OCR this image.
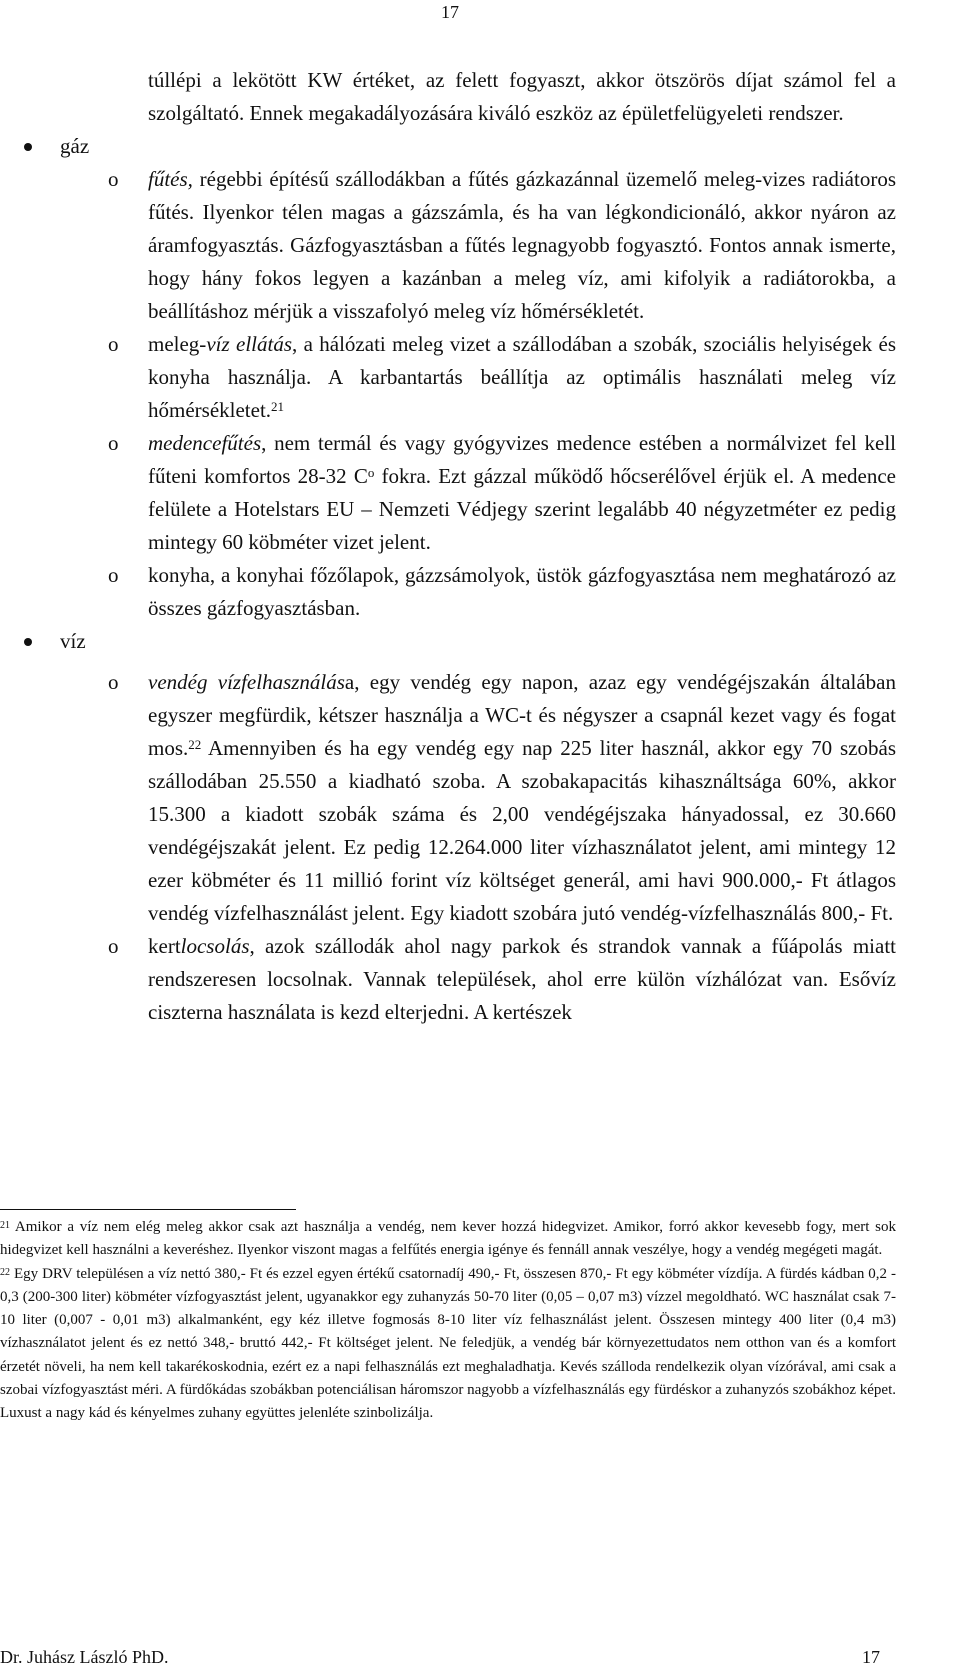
17
túllépi a lekötött KW értéket, az felett fogyaszt, akkor ötszörös díjat számol fel a szolgáltató. Ennek megakadályozására kiváló eszköz az épületfelügyeleti rendszer.
gáz
o fűtés, régebbi építésű szállodákban a fűtés gázkazánnal üzemelő meleg-vizes radiátoros fűtés. Ilyenkor télen magas a gázszámla, és ha van légkondicionáló, akkor nyáron az áramfogyasztás. Gázfogyasztásban a fűtés legnagyobb fogyasztó. Fontos annak ismerte, hogy hány fokos legyen a kazánban a meleg víz, ami kifolyik a radiátorokba, a beállításhoz mérjük a visszafolyó meleg víz hőmérsékletét.
o meleg-víz ellátás, a hálózati meleg vizet a szállodában a szobák, szociális helyiségek és konyha használja. A karbantartás beállítja az optimális használati meleg víz hőmérsékletet.$^{21}$
o medencefűtés, nem termál és vagy gyógyvizes medence estében a normálvizet fel kell fűteni komfortos 28-32 $C^o$ fokra. Ezt gázzal működő hőcserélővel érjük el. A medence felülete a Hotelstars EU – Nemzeti Védjegy szerint legalább 40 négyzetméter ez pedig mintegy 60 köbméter vizet jelent.
o konyha, a konyhai főzőlapok, gázzsámolyok, üstök gázfogyasztása nem meghatározó az összes gázfogyasztásban.
víz
o vendég vízfelhasználása, egy vendég egy napon, azaz egy vendégéjszakán általában egyszer megfürdik, kétszer használja a WC-t és négyszer a csapnál kezet vagy és fogat mos.$^{22}$ Amennyiben és ha egy vendég egy nap 225 liter használ, akkor egy 70 szobás szállodában 25.550 a kiadható szoba. A szobakapacitás kihasználtsága 60%, akkor 15.300 a kiadott szobák száma és 2,00 vendégéjszaka hányadossal, ez 30.660 vendégéjszakát jelent. Ez pedig 12.264.000 liter vízhasználatot jelent, ami mintegy 12 ezer köbméter és 11 millió forint víz költséget generál, ami havi 900.000,- Ft átlagos vendég vízfelhasználást jelent. Egy kiadott szobára jutó vendég-vízfelhasználás 800,- Ft.
o kertlocsolás, azok szállodák ahol nagy parkok és strandok vannak a fűápolás miatt rendszeresen locsolnak. Vannak települések, ahol erre külön vízhálózat van. Esővíz ciszterna használata is kezd elterjedni. A kertészek
$^{21}$ Amikor a víz nem elég meleg akkor csak azt használja a vendég, nem kever hozzá hidegvizet. Amikor, forró akkor kevesebb fogy, mert sok hidegvizet kell használni a keveréshez. Ilyenkor viszont magas a felfűtés energia igénye és fennáll annak veszélye, hogy a vendég megégeti magát.
$^{22}$ Egy DRV településen a víz nettó 380,- Ft és ezzel egyen értékű csatornadíj 490,- Ft, összesen 870,- Ft egy köbméter vízdíja. A fürdés kádban 0,2 - 0,3 (200-300 liter) köbméter vízfogyasztást jelent, ugyanakkor egy zuhanyzás 50-70 liter (0,05 – 0,07 m3) vízzel megoldható. WC használat csak 7-10 liter (0,007 - 0,01 m3) alkalmanként, egy kéz illetve fogmosás 8-10 liter víz felhasználást jelent. Összesen mintegy 400 liter (0,4 m3) vízhasználatot jelent és ez nettó 348,- bruttó 442,- Ft költséget jelent. Ne feledjük, a vendég bár környezettudatos nem otthon van és a komfort érzetét növeli, ha nem kell takarékoskodnia, ezért ez a napi felhasználás ezt meghaladhatja. Kevés szálloda rendelkezik olyan vízórával, ami csak a szobai vízfogyasztást méri. A fürdőkádas szobákban potenciálisan háromszor nagyobb a vízfelhasználás egy fürdéskor a zuhanyzós szobákhoz képet. Luxust a nagy kád és kényelmes zuhany együttes jelenléte szinbolizálja.
Dr. Juhász László PhD.	17
